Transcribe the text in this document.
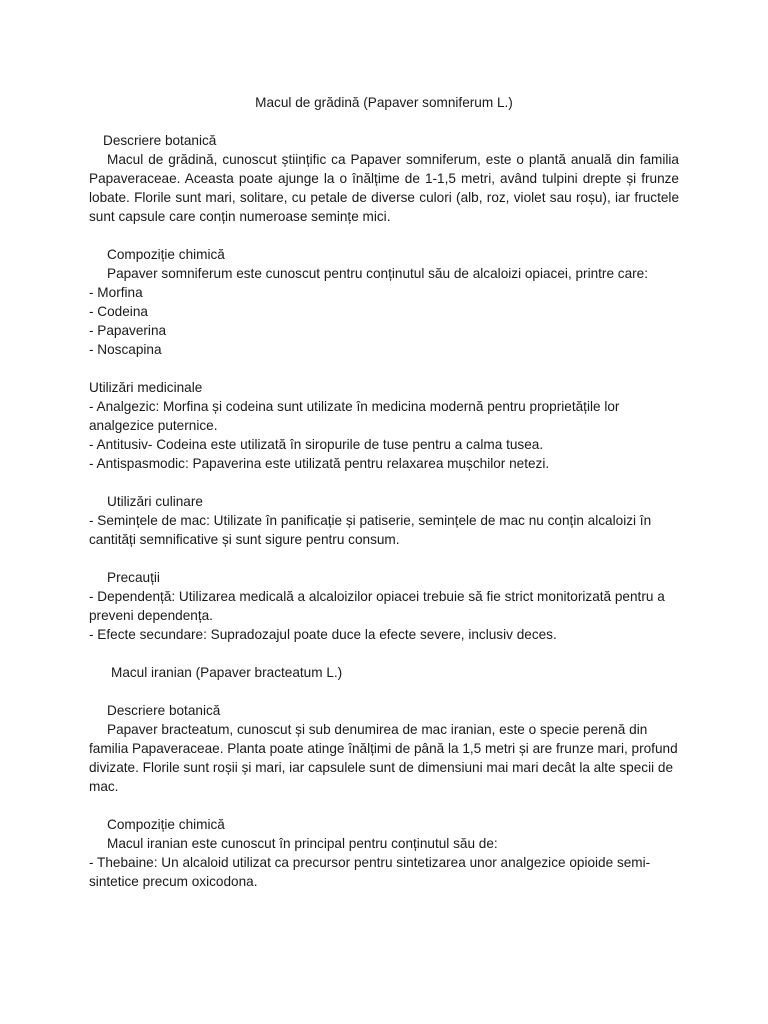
Macul de grădină (Papaver somniferum L.)

Descriere botanică

Macul de grădină, cunoscut științific ca Papaver somniferum, este o plantă anuală din familia Papaveraceae. Aceasta poate ajunge la o înălțime de 1-1,5 metri, având tulpini drepte și frunze lobate. Florile sunt mari, solitare, cu petale de diverse culori (alb, roz, violet sau roșu), iar fructele sunt capsule care conțin numeroase semințe mici.

Compoziție chimică

Papaver somniferum este cunoscut pentru conținutul său de alcaloizi opiacei, printre care:

- Morfina

- Codeina

- Papaverina

- Noscapina

Utilizări medicinale

- Analgezic: Morfina și codeina sunt utilizate în medicina modernă pentru proprietățile lor analgezice puternice.

- Antitusiv- Codeina este utilizată în siropurile de tuse pentru a calma tusea.

- Antispasmodic: Papaverina este utilizată pentru relaxarea mușchilor netezi.

Utilizări culinare

- Semințele de mac: Utilizate în panificație și patiserie, semințele de mac nu conțin alcaloizi în cantități semnificative și sunt sigure pentru consum.

Precauții

- Dependență: Utilizarea medicală a alcaloizilor opiacei trebuie să fie strict monitorizată pentru a preveni dependența.

- Efecte secundare: Supradozajul poate duce la efecte severe, inclusiv deces.

Macul iranian (Papaver bracteatum L.)

Descriere botanică

Papaver bracteatum, cunoscut și sub denumirea de mac iranian, este o specie perenă din familia Papaveraceae. Planta poate atinge înălțimi de până la 1,5 metri și are frunze mari, profund divizate. Florile sunt roșii și mari, iar capsulele sunt de dimensiuni mai mari decât la alte specii de mac.

Compoziție chimică

Macul iranian este cunoscut în principal pentru conținutul său de:

- Thebaine: Un alcaloid utilizat ca precursor pentru sintetizarea unor analgezice opioide semi-sintetice precum oxicodona.
